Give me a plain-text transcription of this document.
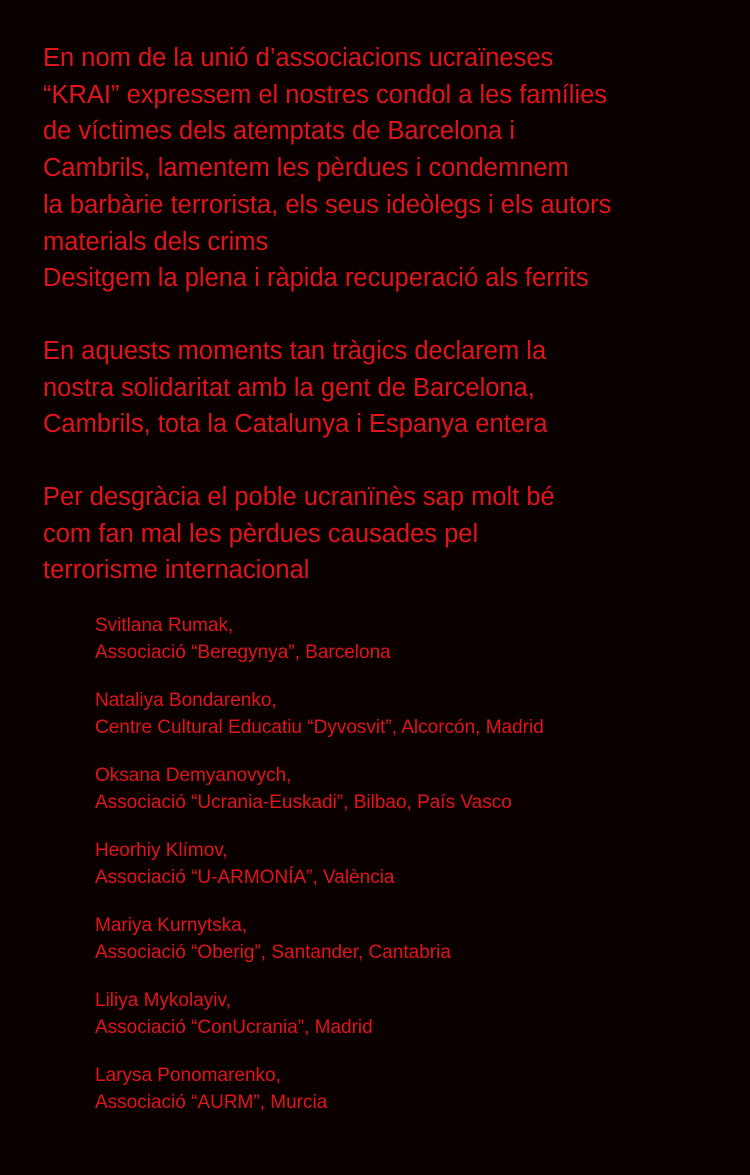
En nom de la unió d’associacions ucraïneses
“KRAI” expressem el nostres condol a les famílies
de víctimes dels atemptats de Barcelona i
Cambrils, lamentem les pèrdues i condemnem
la barbàrie terrorista, els seus ideòlegs i els autors
materials dels crims
Desitgem la plena i ràpida recuperació als ferrits
En aquests moments tan tràgics declarem la
nostra solidaritat amb la gent de Barcelona,
Cambrils, tota la Catalunya i Espanya entera
Per desgràcia el poble ucranïnès sap molt bé
com fan mal les pèrdues causades pel
terrorisme internacional
Svitlana Rumak,
Associació “Beregynya”, Barcelona
Nataliya Bondarenko,
Centre Cultural Educatiu “Dyvosvit”, Alcorcón, Madrid
Oksana Demyanovych,
Associació “Ucrania-Euskadi”, Bilbao, País Vasco
Heorhiy Klímov,
Associació “U-ARMONÍA”, València
Mariya Kurnytska,
Associació “Oberig”, Santander, Cantabria
Liliya Mykolayiv,
Associació “ConUcrania”, Madrid
Larysa Ponomarenko,
Associació “AURM”, Murcia
